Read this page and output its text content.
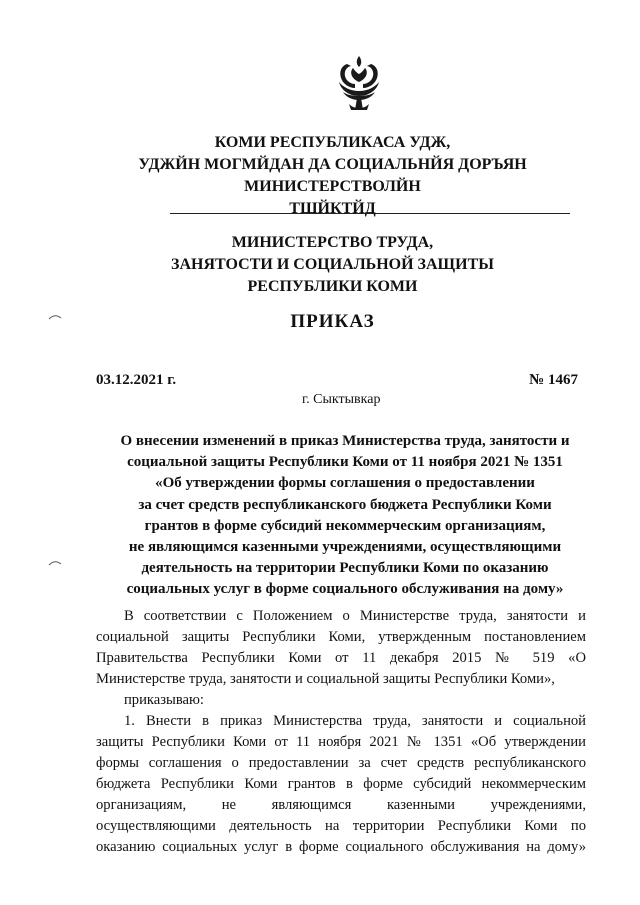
КОМИ РЕСПУБЛИКАСА УДЖ,
УДЖЙН МОГМЙДАН ДА СОЦИАЛЬНЙЯ ДОРЪЯН
МИНИСТЕРСТВОЛЙН
ТШЙКТЙД
МИНИСТЕРСТВО ТРУДА,
ЗАНЯТОСТИ И СОЦИАЛЬНОЙ ЗАЩИТЫ
РЕСПУБЛИКИ КОМИ
ПРИКАЗ
03.12.2021 г.	№ 1467
г. Сыктывкар
О внесении изменений в приказ Министерства труда, занятости и
социальной защиты Республики Коми от 11 ноября 2021 № 1351
«Об утверждении формы соглашения о предоставлении
за счет средств республиканского бюджета Республики Коми
грантов в форме субсидий некоммерческим организациям,
не являющимся казенными учреждениями, осуществляющими
деятельность на территории Республики Коми по оказанию
социальных услуг в форме социального обслуживания на дому»

В соответствии с Положением о Министерстве труда, занятости и

социальной защиты Республики Коми, утвержденным постановлением

Правительства Республики Коми от 11 декабря 2015 № 519 «О

Министерстве труда, занятости и социальной защиты Республики Коми»,

приказываю:

1. Внести в приказ Министерства труда, занятости и социальной

защиты Республики Коми от 11 ноября 2021 № 1351 «Об утверждении

формы соглашения о предоставлении за счет средств республиканского

бюджета Республики Коми грантов в форме субсидий некоммерческим

организациям, не являющимся казенными учреждениями,

осуществляющими деятельность на территории Республики Коми по

оказанию социальных услуг в форме социального обслуживания на дому»
